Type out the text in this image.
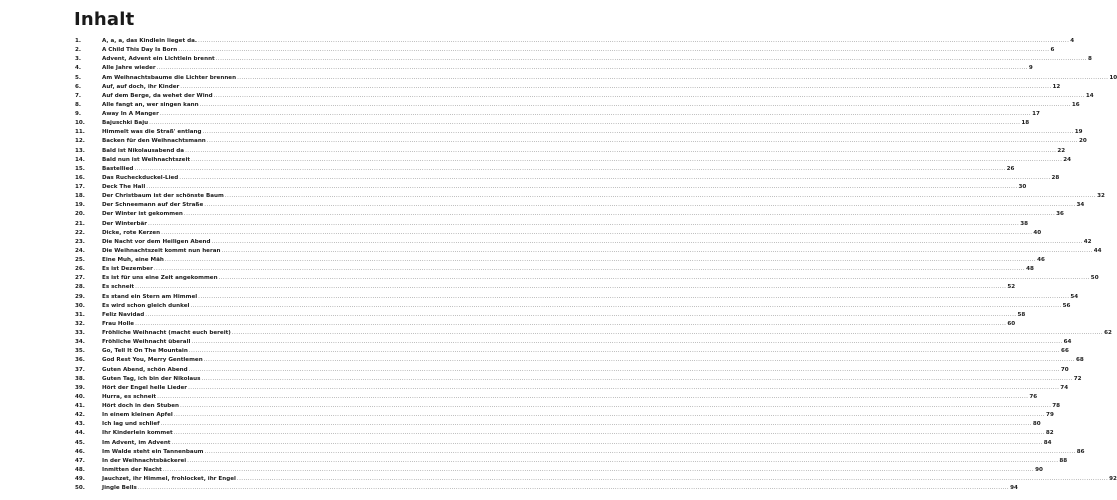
Inhalt
1.	A, a, a, das Kindlein lieget da. ................................................................................................................................................................................................................................................................................................................................................................................................................ 4
2.	A Child This Day Is Born ................................................................................................................................................................................................................................................................................................................................................................................................................ 6
3.	Advent, Advent ein Lichtlein brennt ................................................................................................................................................................................................................................................................................................................................................................................................................ 8
4.	Alle Jahre wieder ................................................................................................................................................................................................................................................................................................................................................................................................................ 9
5.	Am Weihnachtsbaume die Lichter brennen ................................................................................................................................................................................................................................................................................................................................................................................................................ 10
6.	Auf, auf doch, ihr Kinder ................................................................................................................................................................................................................................................................................................................................................................................................................ 12
7.	Auf dem Berge, da wehet der Wind ................................................................................................................................................................................................................................................................................................................................................................................................................ 14
8.	Alle fangt an, wer singen kann ................................................................................................................................................................................................................................................................................................................................................................................................................ 16
9.	Away In A Manger ................................................................................................................................................................................................................................................................................................................................................................................................................ 17
10.	Bajuschki Baju ................................................................................................................................................................................................................................................................................................................................................................................................................ 18
11.	Himmelt was die Straß' entlang ................................................................................................................................................................................................................................................................................................................................................................................................................ 19
12.	Backen für den Weihnachtsmann ................................................................................................................................................................................................................................................................................................................................................................................................................ 20
13.	Bald ist Nikolausabend da ................................................................................................................................................................................................................................................................................................................................................................................................................ 22
14.	Bald nun ist Weihnachtszeit ................................................................................................................................................................................................................................................................................................................................................................................................................ 24
15.	Bastellied ................................................................................................................................................................................................................................................................................................................................................................................................................ 26
16.	Das Rucheckduckel-Lied ................................................................................................................................................................................................................................................................................................................................................................................................................ 28
17.	Deck The Hall ................................................................................................................................................................................................................................................................................................................................................................................................................ 30
18.	Der Christbaum ist der schönste Baum ................................................................................................................................................................................................................................................................................................................................................................................................................ 32
19.	Der Schneemann auf der Straße ................................................................................................................................................................................................................................................................................................................................................................................................................ 34
20.	Der Winter ist gekommen ................................................................................................................................................................................................................................................................................................................................................................................................................ 36
21.	Der Winterbär ................................................................................................................................................................................................................................................................................................................................................................................................................ 38
22.	Dicke, rote Kerzen ................................................................................................................................................................................................................................................................................................................................................................................................................ 40
23.	Die Nacht vor dem Heiligen Abend ................................................................................................................................................................................................................................................................................................................................................................................................................ 42
24.	Die Weihnachtszeit kommt nun heran ................................................................................................................................................................................................................................................................................................................................................................................................................ 44
25.	Eine Muh, eine Mäh ................................................................................................................................................................................................................................................................................................................................................................................................................ 46
26.	Es ist Dezember ................................................................................................................................................................................................................................................................................................................................................................................................................ 48
27.	Es ist für uns eine Zeit angekommen ................................................................................................................................................................................................................................................................................................................................................................................................................ 50
28.	Es schneit ................................................................................................................................................................................................................................................................................................................................................................................................................ 52
29.	Es stand ein Stern am Himmel ................................................................................................................................................................................................................................................................................................................................................................................................................ 54
30.	Es wird schon gleich dunkel ................................................................................................................................................................................................................................................................................................................................................................................................................ 56
31.	Feliz Navidad ................................................................................................................................................................................................................................................................................................................................................................................................................ 58
32.	Frau Holle ................................................................................................................................................................................................................................................................................................................................................................................................................ 60
33.	Fröhliche Weihnacht (macht euch bereit) ................................................................................................................................................................................................................................................................................................................................................................................................................ 62
34.	Fröhliche Weihnacht überall ................................................................................................................................................................................................................................................................................................................................................................................................................ 64
35.	Go, Tell It On The Mountain ................................................................................................................................................................................................................................................................................................................................................................................................................ 66
36.	God Rest You, Merry Gentlemen ................................................................................................................................................................................................................................................................................................................................................................................................................ 68
37.	Guten Abend, schön Abend ................................................................................................................................................................................................................................................................................................................................................................................................................ 70
38.	Guten Tag, ich bin der Nikolaus ................................................................................................................................................................................................................................................................................................................................................................................................................ 72
39.	Hört der Engel helle Lieder ................................................................................................................................................................................................................................................................................................................................................................................................................ 74
40.	Hurra, es schneit ................................................................................................................................................................................................................................................................................................................................................................................................................ 76
41.	Hört doch in den Stuben ................................................................................................................................................................................................................................................................................................................................................................................................................ 78
42.	In einem kleinen Apfel ................................................................................................................................................................................................................................................................................................................................................................................................................ 79
43.	Ich lag und schlief ................................................................................................................................................................................................................................................................................................................................................................................................................ 80
44.	Ihr Kinderlein kommet ................................................................................................................................................................................................................................................................................................................................................................................................................ 82
45.	Im Advent, im Advent ................................................................................................................................................................................................................................................................................................................................................................................................................ 84
46.	Im Walde steht ein Tannenbaum ................................................................................................................................................................................................................................................................................................................................................................................................................ 86
47.	In der Weihnachtsbäckerei ................................................................................................................................................................................................................................................................................................................................................................................................................ 88
48.	Inmitten der Nacht ................................................................................................................................................................................................................................................................................................................................................................................................................ 90
49.	Jauchzet, ihr Himmel, frohlocket, ihr Engel ................................................................................................................................................................................................................................................................................................................................................................................................................ 92
50.	Jingle Bells ................................................................................................................................................................................................................................................................................................................................................................................................................ 94
